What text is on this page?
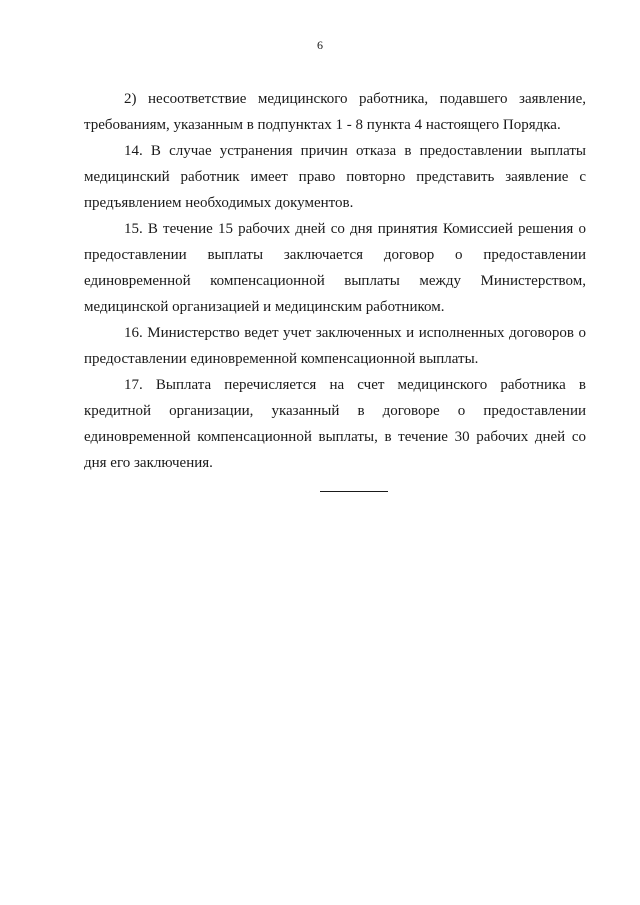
6

2) несоответствие медицинского работника, подавшего заявление, требованиям, указанным в подпунктах 1 - 8 пункта 4 настоящего Порядка.

14. В случае устранения причин отказа в предоставлении выплаты медицинский работник имеет право повторно представить заявление с предъявлением необходимых документов.

15. В течение 15 рабочих дней со дня принятия Комиссией решения о предоставлении выплаты заключается договор о предоставлении единовременной компенсационной выплаты между Министерством, медицинской организацией и медицинским работником.

16. Министерство ведет учет заключенных и исполненных договоров о предоставлении единовременной компенсационной выплаты.

17. Выплата перечисляется на счет медицинского работника в кредитной организации, указанный в договоре о предоставлении единовременной компенсационной выплаты, в течение 30 рабочих дней со дня его заключения.
